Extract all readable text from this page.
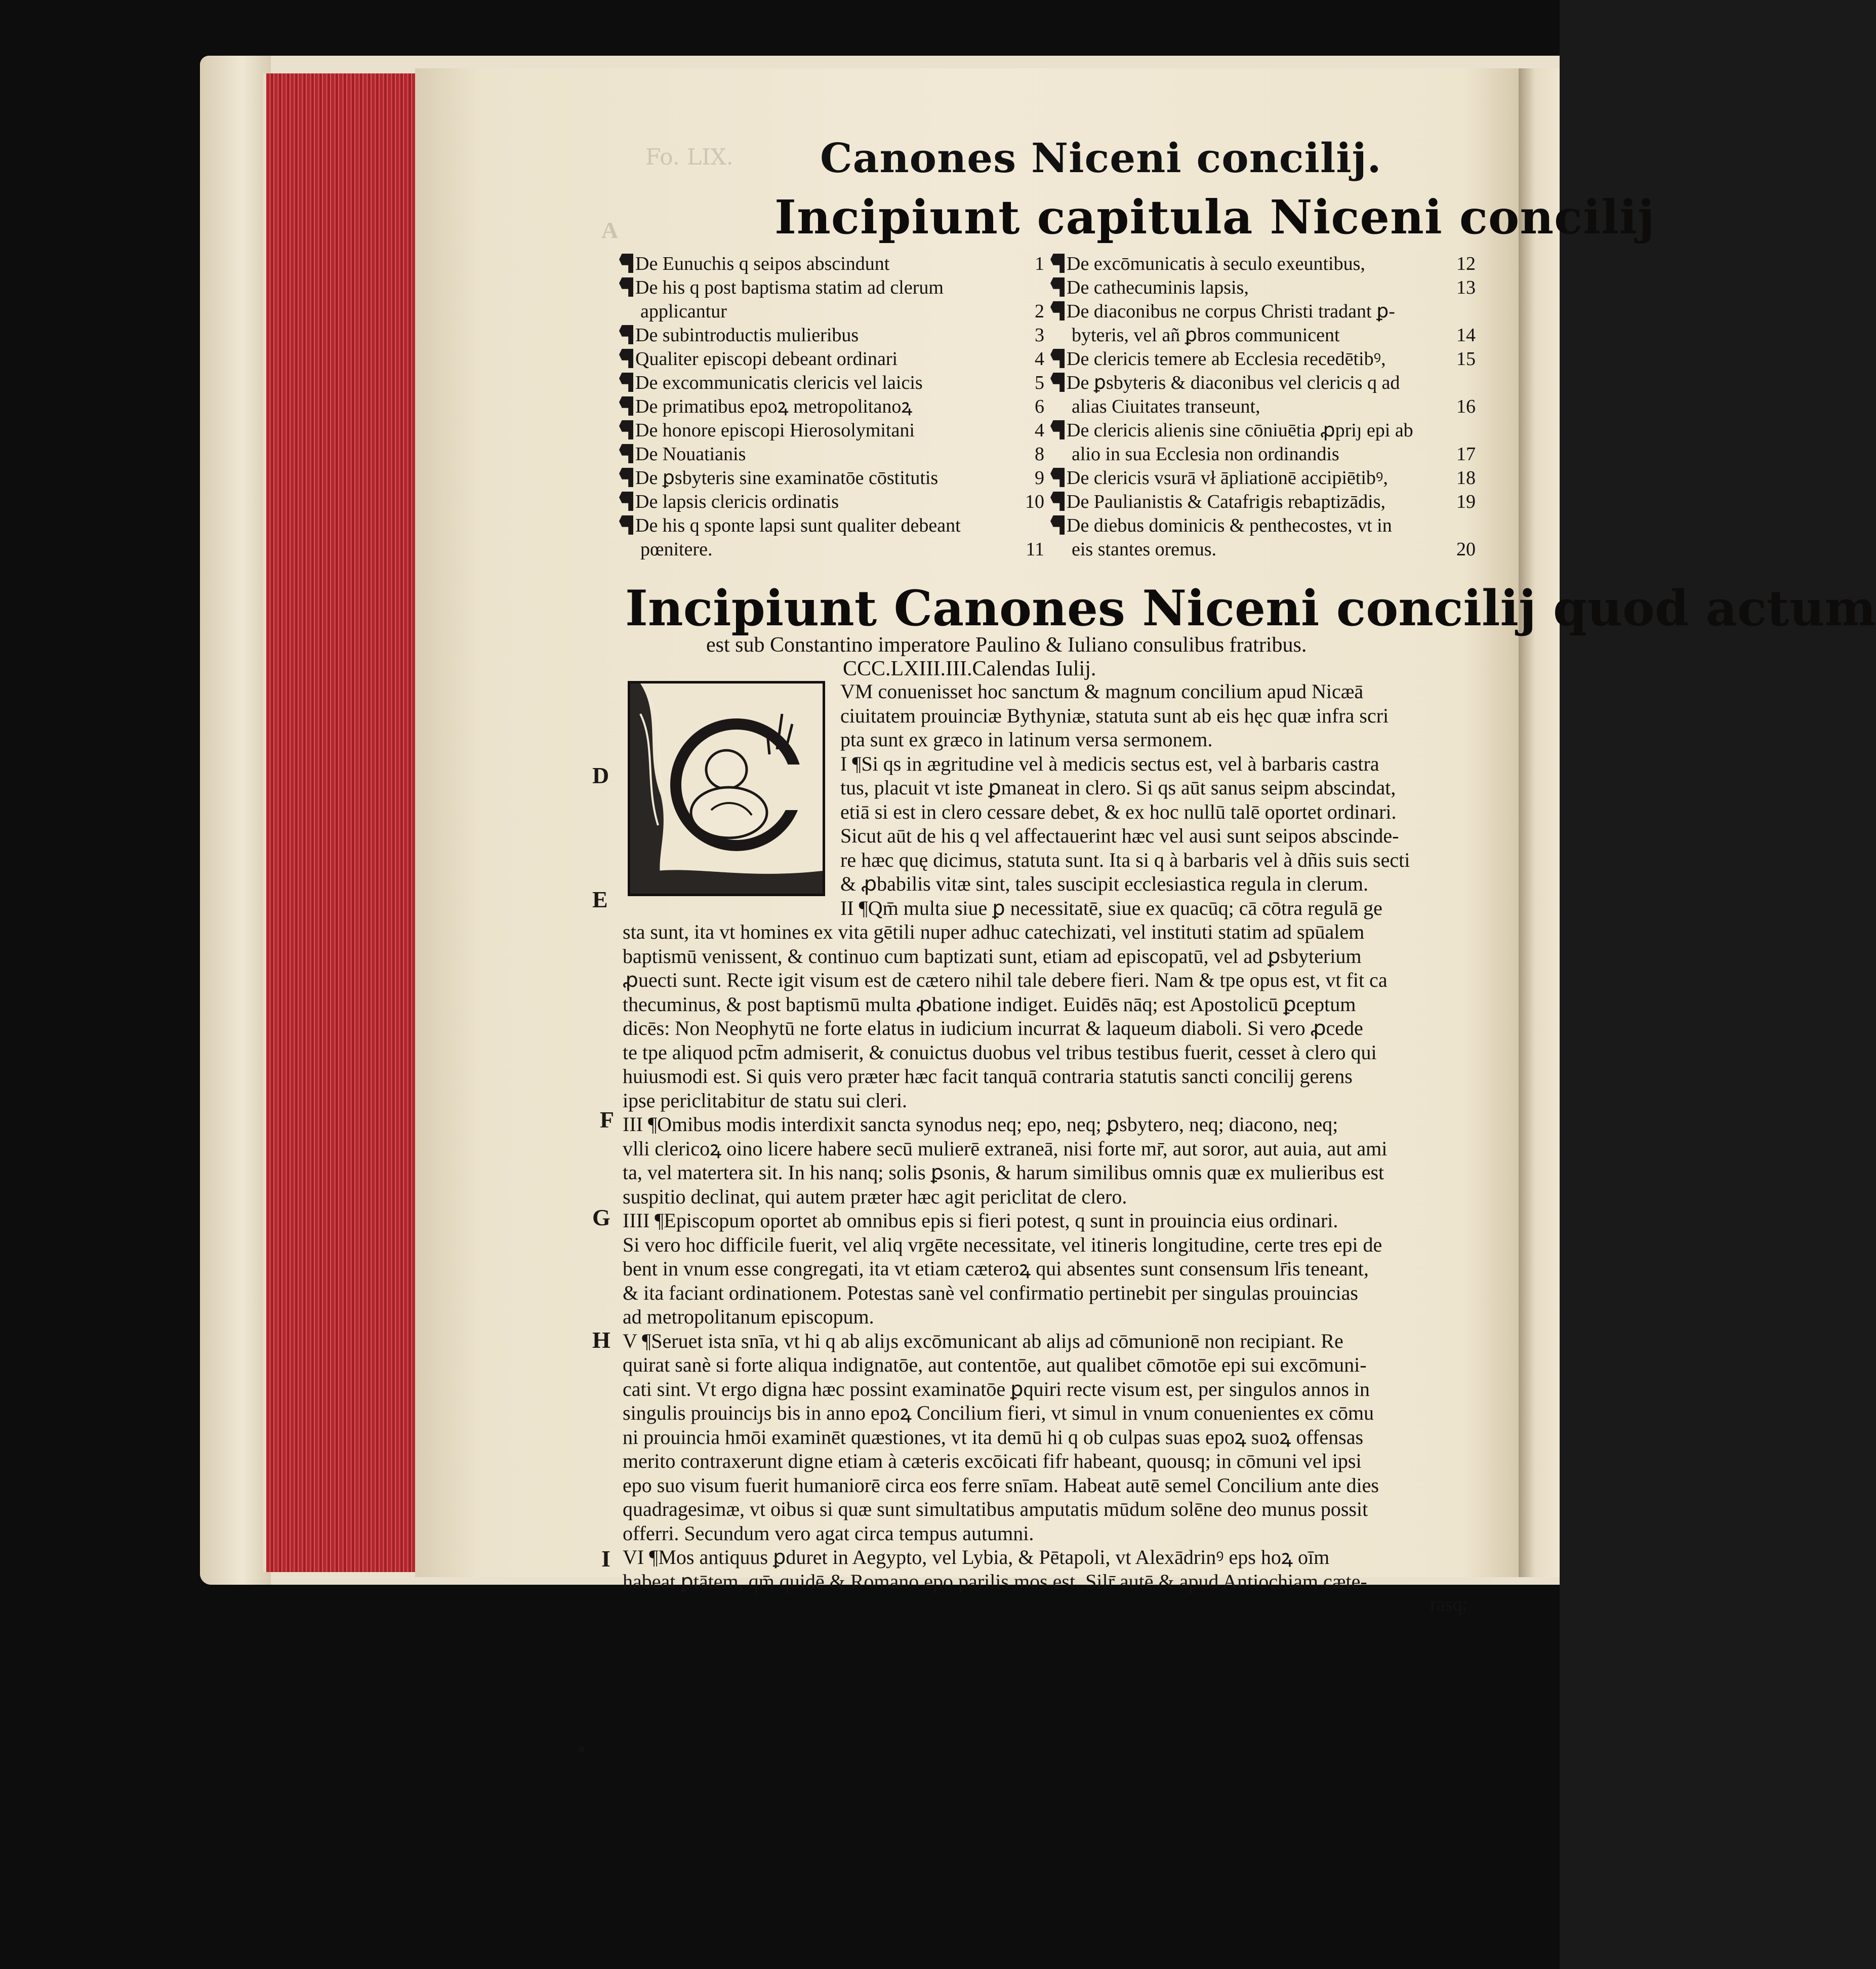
Fo. LIX. Canones Niceni concilij.
Incipiunt capitula Niceni concilij
A
De Eunuchis q seipos abscindunt	1
De his q post baptisma statim ad clerum
applicantur	2
De subintroductis mulieribus	3
Qualiter episcopi debeant ordinari	4
De excommunicatis clericis vel laicis	5
De primatibus epoꝝ metropolitanoꝝ	6
De honore episcopi Hierosolymitani	4
De Nouatianis	8
De ꝑsbyteris sine examinatōe cōstitutis	9
De lapsis clericis ordinatis	10
De his q sponte lapsi sunt qualiter debeant
pœnitere.	11
De excōmunicatis à seculo exeuntibus,	12
De cathecuminis lapsis,	13
De diaconibus ne corpus Christi tradant ꝑ-
byteris, vel añ ꝑbros communicent	14
De clericis temere ab Ecclesia recedētibꝰ,	15
De ꝑsbyteris & diaconibus vel clericis q ad
alias Ciuitates transeunt,	16
De clericis alienis sine cōniuētia ꝓpriȷ epi ab
alio in sua Ecclesia non ordinandis	17
De clericis vsurā vł āpliationē accipiētibꝰ,	18
De Paulianistis & Catafrigis rebaptizādis,	19
De diebus dominicis & penthecostes, vt in
eis stantes oremus.	20
Incipiunt Canones Niceni concilij quod actum
est sub Constantino imperatore Paulino & Iuliano consulibus fratribus.
CCC.LXIII.III.Calendas Iulij.
D
E
F
G
H
I
VM conuenisset hoc sanctum & magnum concilium apud Nicæā
ciuitatem prouinciæ Bythyniæ, statuta sunt ab eis hęc quæ infra scri
pta sunt ex græco in latinum versa sermonem.
I ¶Si qs in ægritudine vel à medicis sectus est, vel à barbaris castra
tus, placuit vt iste ꝑmaneat in clero. Si qs aūt sanus seipm abscindat,
etiā si est in clero cessare debet, & ex hoc nullū talē oportet ordinari.
Sicut aūt de his q vel affectauerint hæc vel ausi sunt seipos abscinde-
re hæc quę dicimus, statuta sunt. Ita si q à barbaris vel à dñis suis secti
& ꝓbabilis vitæ sint, tales suscipit ecclesiastica regula in clerum.
II ¶Qm̄ multa siue ꝑ necessitatē, siue ex quacūq; cā cōtra regulā ge
sta sunt, ita vt homines ex vita gētili nuper adhuc catechizati, vel instituti statim ad spūalem
baptismū venissent, & continuo cum baptizati sunt, etiam ad episcopatū, vel ad ꝑsbyterium
ꝓuecti sunt. Recte igit visum est de cætero nihil tale debere fieri. Nam & tpe opus est, vt fit ca
thecuminus, & post baptismū multa ꝓbatione indiget. Euidēs nāq; est Apostolicū ꝑceptum
dicēs: Non Neophytū ne forte elatus in iudicium incurrat & laqueum diaboli. Si vero ꝓcede
te tpe aliquod pct̄m admiserit, & conuictus duobus vel tribus testibus fuerit, cesset à clero qui
huiusmodi est. Si quis vero præter hæc facit tanquā contraria statutis sancti concilij gerens
ipse periclitabitur de statu sui cleri.
III ¶Omibus modis interdixit sancta synodus neq; epo, neq; ꝑsbytero, neq; diacono, neq;
vlli clericoꝝ oino licere habere secū mulierē extraneā, nisi forte mr̄, aut soror, aut auia, aut ami
ta, vel matertera sit. In his nanq; solis ꝑsonis, & harum similibus omnis quæ ex mulieribus est
suspitio declinat, qui autem præter hæc agit periclitat de clero.
IIII ¶Episcopum oportet ab omnibus epis si fieri potest, q sunt in prouincia eius ordinari.
Si vero hoc difficile fuerit, vel aliq vrgēte necessitate, vel itineris longitudine, certe tres epi de
bent in vnum esse congregati, ita vt etiam cæteroꝝ qui absentes sunt consensum lr̄is teneant,
& ita faciant ordinationem. Potestas sanè vel confirmatio pertinebit per singulas prouincias
ad metropolitanum episcopum.
V ¶Seruet ista snīa, vt hi q ab aliȷs excōmunicant ab aliȷs ad cōmunionē non recipiant. Re
quirat sanè si forte aliqua indignatōe, aut contentōe, aut qualibet cōmotōe epi sui excōmuni-
cati sint. Vt ergo digna hæc possint examinatōe ꝑquiri recte visum est, per singulos annos in
singulis prouinciȷs bis in anno epoꝝ Concilium fieri, vt simul in vnum conuenientes ex cōmu
ni prouincia hmōi examinēt quæstiones, vt ita demū hi q ob culpas suas epoꝝ suoꝝ offensas
merito contraxerunt digne etiam à cæteris excōicati fifr habeant, quousq; in cōmuni vel ipsi
epo suo visum fuerit humaniorē circa eos ferre snīam. Habeat autē semel Concilium ante dies
quadragesimæ, vt oibus si quæ sunt simultatibus amputatis mūdum solēne deo munus possit
offerri. Secundum vero agat circa tempus autumni.
VI ¶Mos antiquus ꝑduret in Aegypto, vel Lybia, & Pētapoli, vt Alexādrinꝰ eps hoꝝ oīm
habeat ꝑtātem, qm̄ quidē & Romano epo parilis mos est. Silr̄ autē & apud Antiochiam cæte-
rasq;
